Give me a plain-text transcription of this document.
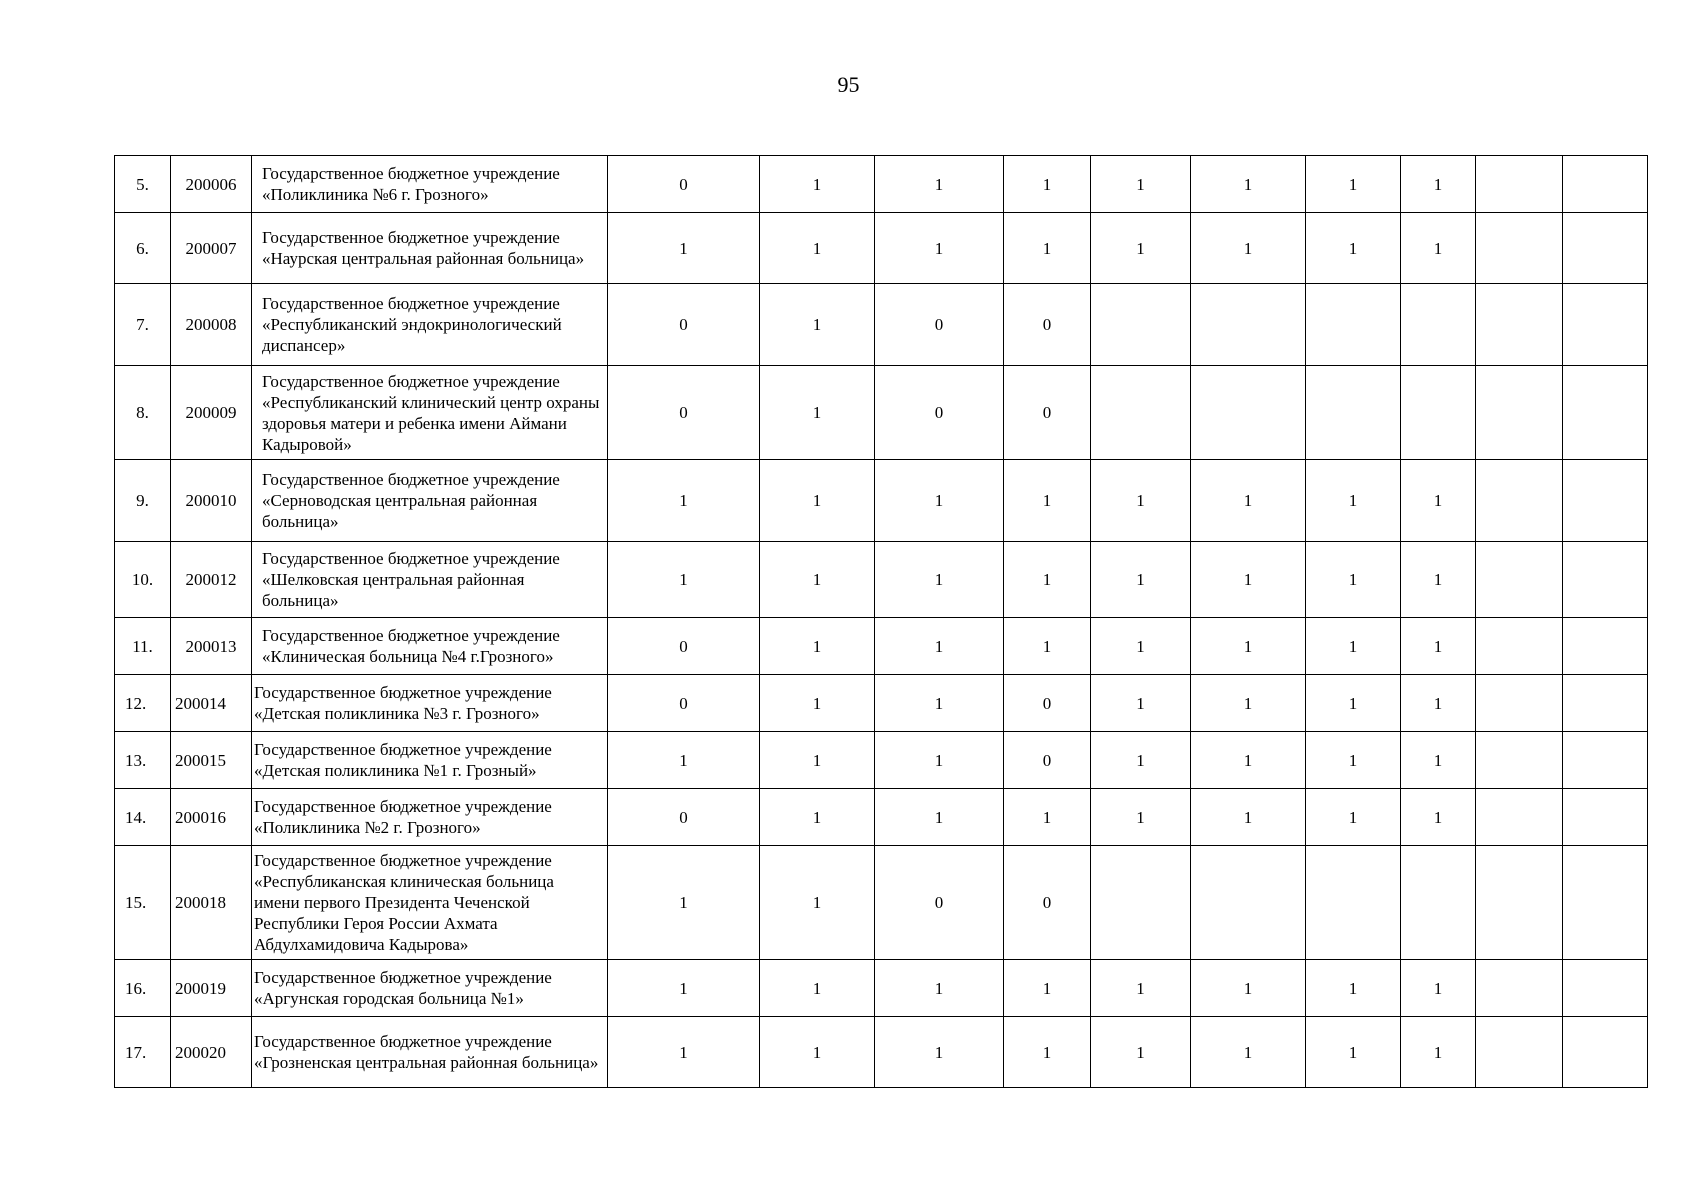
95
5.	200006	Государственное бюджетное учреждение «Поликлиника №6 г. Грозного»	0	1	1	1	1	1	1	1		
6.	200007	Государственное бюджетное учреждение «Наурская центральная районная больница»	1	1	1	1	1	1	1	1		
7.	200008	Государственное бюджетное учреждение «Республиканский эндокринологический диспансер»	0	1	0	0						
8.	200009	Государственное бюджетное учреждение «Республиканский клинический центр охраны здоровья матери и ребенка имени Аймани Кадыровой»	0	1	0	0						
9.	200010	Государственное бюджетное учреждение «Серноводская центральная районная больница»	1	1	1	1	1	1	1	1		
10.	200012	Государственное бюджетное учреждение «Шелковская центральная районная больница»	1	1	1	1	1	1	1	1		
11.	200013	Государственное бюджетное учреждение «Клиническая больница №4 г.Грозного»	0	1	1	1	1	1	1	1		
12.	200014	Государственное бюджетное учреждение «Детская поликлиника №3 г. Грозного»	0	1	1	0	1	1	1	1		
13.	200015	Государственное бюджетное учреждение «Детская поликлиника №1 г. Грозный»	1	1	1	0	1	1	1	1		
14.	200016	Государственное бюджетное учреждение «Поликлиника №2 г. Грозного»	0	1	1	1	1	1	1	1		
15.	200018	Государственное бюджетное учреждение «Республиканская клиническая больница имени первого Президента Чеченской Республики Героя России Ахмата Абдулхамидовича Кадырова»	1	1	0	0						
16.	200019	Государственное бюджетное учреждение «Аргунская городская больница №1»	1	1	1	1	1	1	1	1		
17.	200020	Государственное бюджетное учреждение «Грозненская центральная районная больница»	1	1	1	1	1	1	1	1		
